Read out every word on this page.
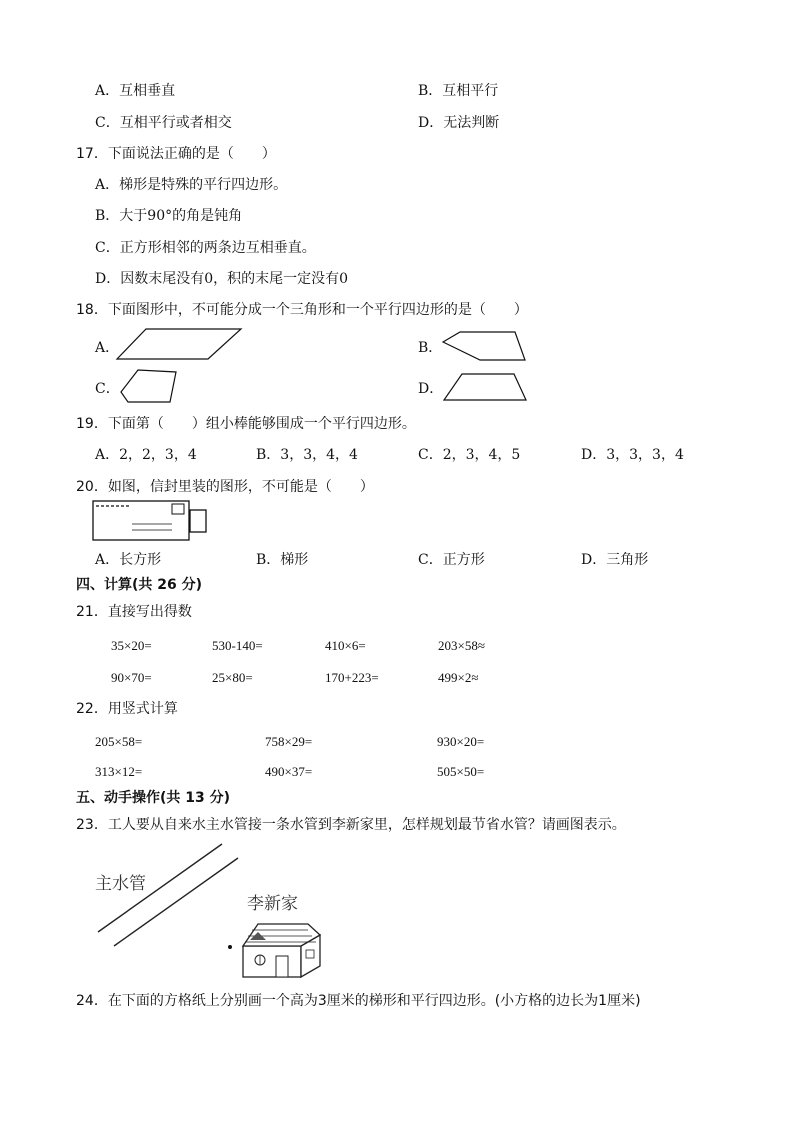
A．互相垂直	B．互相平行
C．互相平行或者相交	D．无法判断
17．下面说法正确的是（　　）
A．梯形是特殊的平行四边形。
B．大于90°的角是钝角
C．正方形相邻的两条边互相垂直。
D．因数末尾没有0，积的末尾一定没有0
18．下面图形中，不可能分成一个三角形和一个平行四边形的是（　　）
A．	B．
C．	D．
19．下面第（　　）组小棒能够围成一个平行四边形。
A．2，2，3，4	B．3，3，4，4	C．2，3，4，5	D．3，3，3，4
20．如图，信封里装的图形，不可能是（　　）
A．长方形	B．梯形	C．正方形	D．三角形
四、计算(共 26 分)
21．直接写出得数
35×20=	530-140=	410×6=	203×58≈
90×70=	25×80=	170+223=	499×2≈
22．用竖式计算
205×58=	758×29=	930×20=
313×12=	490×37=	505×50=
五、动手操作(共 13 分)
23．工人要从自来水主水管接一条水管到李新家里，怎样规划最节省水管？请画图表示。
主水管
李新家
24．在下面的方格纸上分别画一个高为3厘米的梯形和平行四边形。(小方格的边长为1厘米)
